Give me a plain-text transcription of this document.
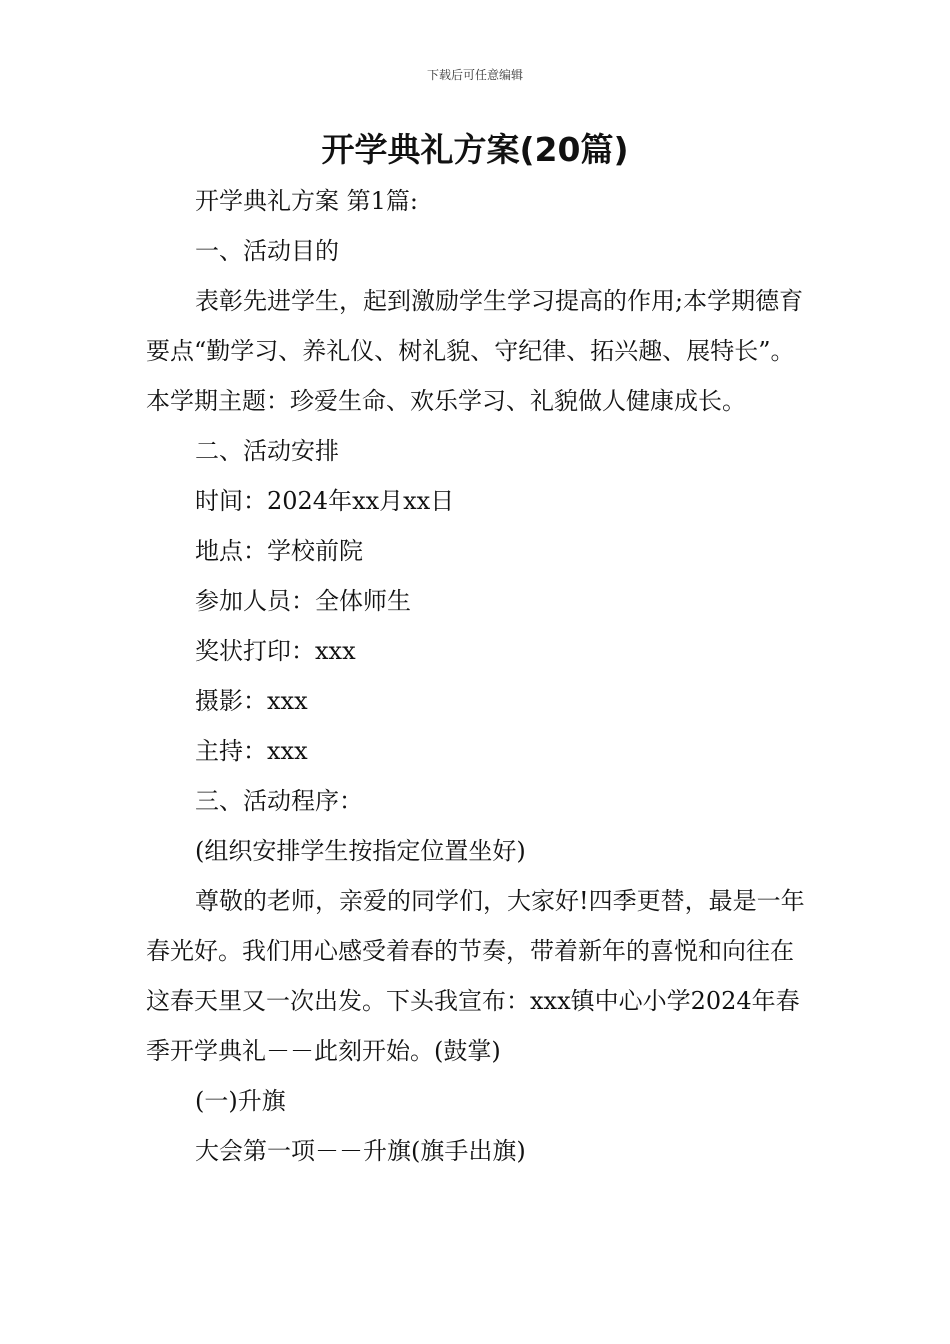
下载后可任意编辑
开学典礼方案(20篇)

开学典礼方案 第1篇:

一、活动目的

表彰先进学生，起到激励学生学习提高的作用;本学期德育要点“勤学习、养礼仪、树礼貌、守纪律、拓兴趣、展特长”。本学期主题：珍爱生命、欢乐学习、礼貌做人健康成长。

二、活动安排

时间：2024年xx月xx日

地点：学校前院

参加人员：全体师生

奖状打印：xxx

摄影：xxx

主持：xxx

三、活动程序：

(组织安排学生按指定位置坐好)

尊敬的老师，亲爱的同学们，大家好!四季更替，最是一年春光好。我们用心感受着春的节奏，带着新年的喜悦和向往在这春天里又一次出发。下头我宣布：xxx镇中心小学2024年春季开学典礼－－此刻开始。(鼓掌)

(一)升旗

大会第一项－－升旗(旗手出旗)
